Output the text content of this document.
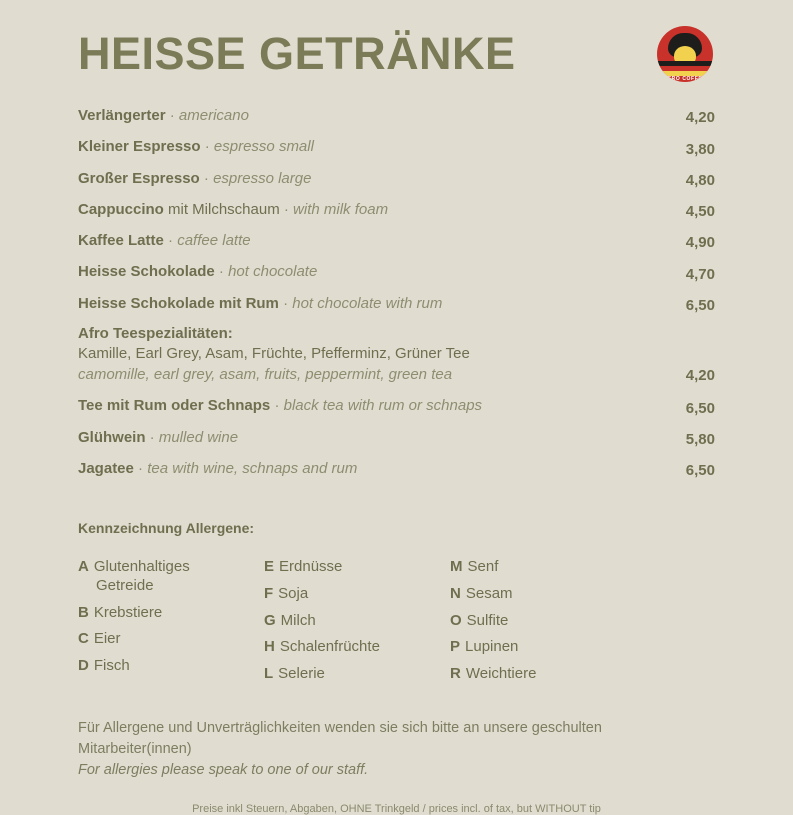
HEISSE GETRÄNKE	AFRO COFFEE
Verlängerter · americano	4,20
Kleiner Espresso · espresso small	3,80
Großer Espresso · espresso large	4,80
Cappuccino mit Milchschaum · with milk foam	4,50
Kaffee Latte · caffee latte	4,90
Heisse Schokolade · hot chocolate	4,70
Heisse Schokolade mit Rum · hot chocolate with rum	6,50
Afro Teespezialitäten:
Kamille, Earl Grey, Asam, Früchte, Pfefferminz, Grüner Tee
camomille, earl grey, asam, fruits, peppermint, green tea	4,20
Tee mit Rum oder Schnaps · black tea with rum or schnaps	6,50
Glühwein · mulled wine	5,80
Jagatee · tea with wine, schnaps and rum	6,50
Kennzeichnung Allergene:
A Glutenhaltiges
Getreide
B Krebstiere
C Eier
D Fisch
E Erdnüsse
F Soja
G Milch
H Schalenfrüchte
L Selerie
M Senf
N Sesam
O Sulfite
P Lupinen
R Weichtiere
Für Allergene und Unverträglichkeiten wenden sie sich bitte an unsere geschulten
Mitarbeiter(innen)
For allergies please speak to one of our staff.
Preise inkl Steuern, Abgaben, OHNE Trinkgeld / prices incl. of tax, but WITHOUT tip
